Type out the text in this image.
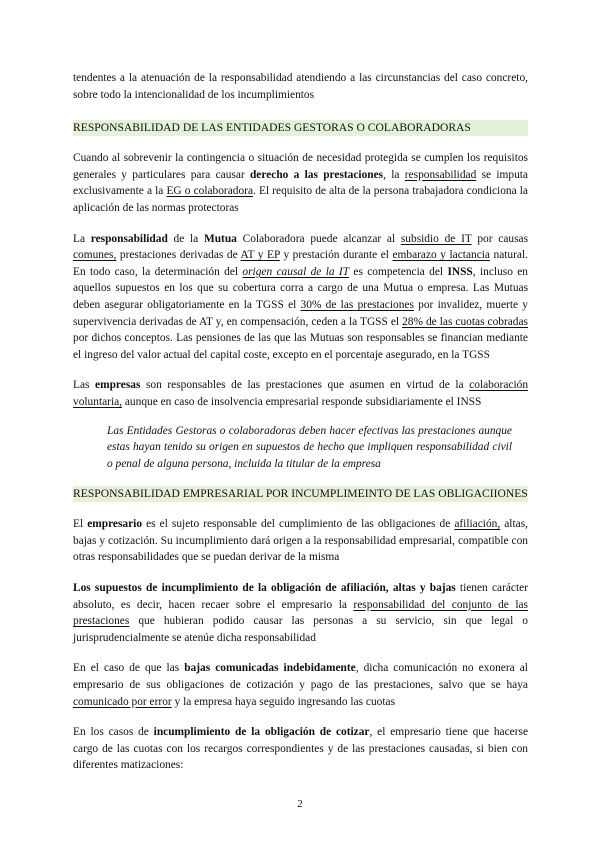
tendentes a la atenuación de la responsabilidad atendiendo a las circunstancias del caso concreto, sobre todo la intencionalidad de los incumplimientos

RESPONSABILIDAD DE LAS ENTIDADES GESTORAS O COLABORADORAS

Cuando al sobrevenir la contingencia o situación de necesidad protegida se cumplen los requisitos generales y particulares para causar derecho a las prestaciones, la responsabilidad se imputa exclusivamente a la EG o colaboradora. El requisito de alta de la persona trabajadora condiciona la aplicación de las normas protectoras

La responsabilidad de la Mutua Colaboradora puede alcanzar al subsidio de IT por causas comunes, prestaciones derivadas de AT y EP y prestación durante el embarazo y lactancia natural. En todo caso, la determinación del origen causal de la IT es competencia del INSS, incluso en aquellos supuestos en los que su cobertura corra a cargo de una Mutua o empresa. Las Mutuas deben asegurar obligatoriamente en la TGSS el 30% de las prestaciones por invalidez, muerte y supervivencia derivadas de AT y, en compensación, ceden a la TGSS el 28% de las cuotas cobradas por dichos conceptos. Las pensiones de las que las Mutuas son responsables se financian mediante el ingreso del valor actual del capital coste, excepto en el porcentaje asegurado, en la TGSS

Las empresas son responsables de las prestaciones que asumen en virtud de la colaboración voluntaria, aunque en caso de insolvencia empresarial responde subsidiariamente el INSS

Las Entidades Gestoras o colaboradoras deben hacer efectivas las prestaciones aunque estas hayan tenido su origen en supuestos de hecho que impliquen responsabilidad civil o penal de alguna persona, incluida la titular de la empresa

RESPONSABILIDAD EMPRESARIAL POR INCUMPLIMEINTO DE LAS OBLIGACIIONES

El empresario es el sujeto responsable del cumplimiento de las obligaciones de afiliación, altas, bajas y cotización. Su incumplimiento dará origen a la responsabilidad empresarial, compatible con otras responsabilidades que se puedan derivar de la misma

Los supuestos de incumplimiento de la obligación de afiliación, altas y bajas tienen carácter absoluto, es decir, hacen recaer sobre el empresario la responsabilidad del conjunto de las prestaciones que hubieran podido causar las personas a su servicio, sin que legal o jurisprudencialmente se atenúe dicha responsabilidad

En el caso de que las bajas comunicadas indebidamente, dicha comunicación no exonera al empresario de sus obligaciones de cotización y pago de las prestaciones, salvo que se haya comunicado por error y la empresa haya seguido ingresando las cuotas

En los casos de incumplimiento de la obligación de cotizar, el empresario tiene que hacerse cargo de las cuotas con los recargos correspondientes y de las prestaciones causadas, si bien con diferentes matizaciones:

2
